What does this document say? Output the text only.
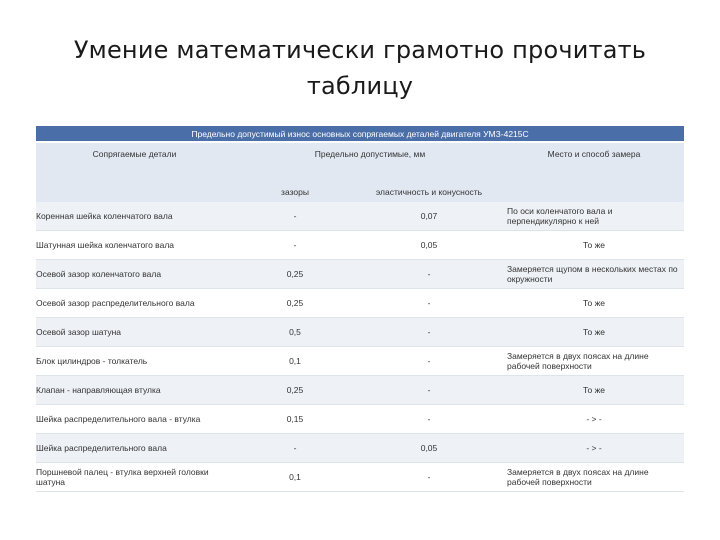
Умение математически грамотно прочитать
таблицу
Предельно допустимый износ основных сопрягаемых деталей двигателя УМЗ-4215С			
Сопрягаемые детали	Предельно допустимые, мм		Место и способ замера
	зазоры	эластичность и конусность	
Коренная шейка коленчатого вала	-	0,07	По оси коленчатого вала и перпендикулярно к ней
Шатунная шейка коленчатого вала	-	0,05	То же
Осевой зазор коленчатого вала	0,25	-	Замеряется щупом в нескольких местах по окружности
Осевой зазор распределительного вала	0,25	-	То же
Осевой зазор шатуна	0,5	-	То же
Блок цилиндров - толкатель	0,1	-	Замеряется в двух поясах на длине рабочей поверхности
Клапан - направляющая втулка	0,25	-	То же
Шейка распределительного вала - втулка	0,15	-	- > -
Шейка распределительного вала	-	0,05	- > -
Поршневой палец - втулка верхней головки шатуна	0,1	-	Замеряется в двух поясах на длине рабочей поверхности
